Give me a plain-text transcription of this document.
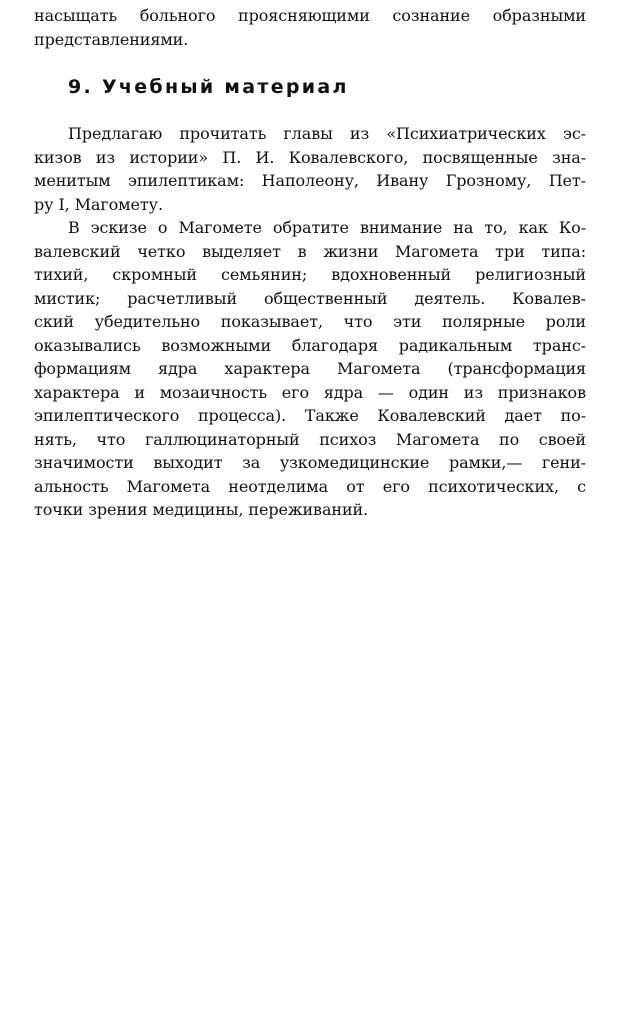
насыщать больного проясняющими сознание образными
представлениями.
9. Учебный материал
Предлагаю прочитать главы из «Психиатрических эс-
кизов из истории» П. И. Ковалевского, посвященные зна-
менитым эпилептикам: Наполеону, Ивану Грозному, Пет-
ру I, Магомету.
В эскизе о Магомете обратите внимание на то, как Ко-
валевский четко выделяет в жизни Магомета три типа:
тихий, скромный семьянин; вдохновенный религиозный
мистик; расчетливый общественный деятель. Ковалев-
ский убедительно показывает, что эти полярные роли
оказывались возможными благодаря радикальным транс-
формациям ядра характера Магомета (трансформация
характера и мозаичность его ядра — один из признаков
эпилептического процесса). Также Ковалевский дает по-
нять, что галлюцинаторный психоз Магомета по своей
значимости выходит за узкомедицинские рамки,— гени-
альность Магомета неотделима от его психотических, с
точки зрения медицины, переживаний.
